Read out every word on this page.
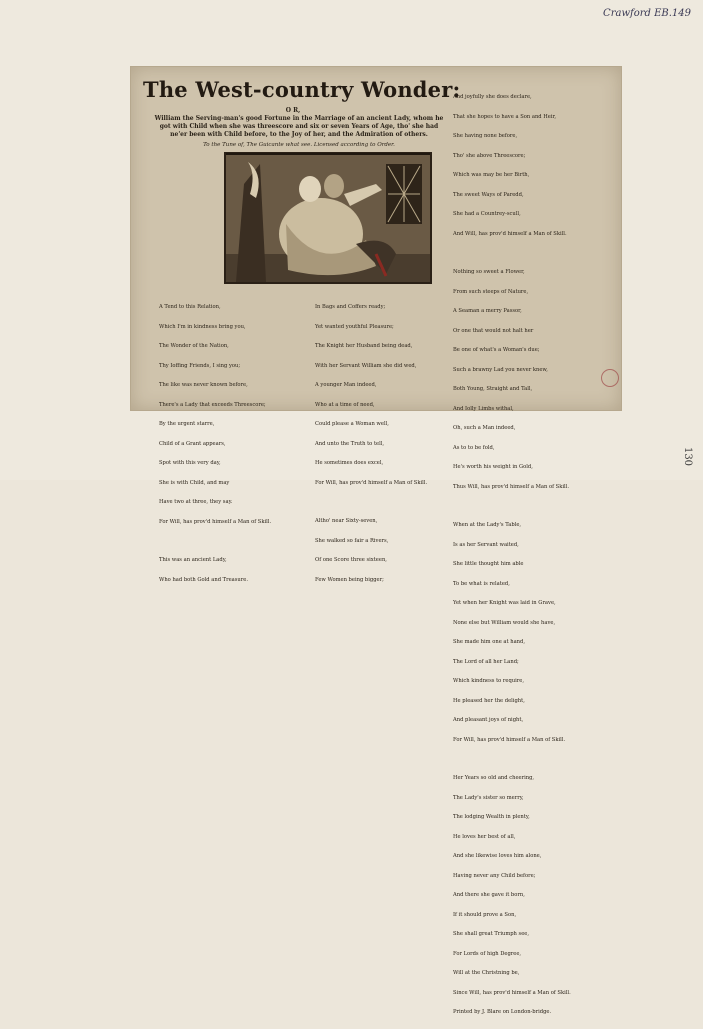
Crawford EB.149
130
The West-country Wonder:
O R,
William the Serving-man's good Fortune in the Marriage of an ancient Lady, whom he got with Child when she was threescore and six or seven Years of Age, tho' she had ne'er been with Child before, to the Joy of her, and the Admiration of others.
To the Tune of, The Guicante what see. Licensed according to Order.

A Tend to this Relation,

Which I'm in kindness bring you,

The Wonder of the Nation,

Thy Ioffing Friends, I sing you;

The like was never known before,

There's a Lady that exceeds Threescore;

By the urgent starre,

Child of a Grant appears,

Spot with this very day,

She is with Child, and may

Have two at three, they say.

For Will, has prov'd himself a Man of Skill.

This was an ancient Lady,

Who had both Gold and Treasure.

In Bags and Coffers ready;

Yet wanted youthful Pleasure;

The Knight her Husband being dead,

With her Servant William she did wed,

A younger Man indeed,

Who at a time of need,

Could please a Woman well,

And unto the Truth to tell,

He sometimes does excel,

For Will, has prov'd himself a Man of Skill.

Altho' near Sixty-seven,

She walked so fair a Rivers,

Of one Score three sixteen,

Few Women being bigger;

And joyfully she does declare,

That she hopes to have a Son and Heir,

She having none before,

Tho' she above Threescore;

Which was may be her Birth,

The sweet Ways of Paredd,

She had a Countrey-scull,

And Will, has prov'd himself a Man of Skill.

Nothing so sweet a Flower,

From such steeps of Nature,

A Seaman a merry Passor,

Or one that would not halt her

Be one of what's a Woman's due;

Such a brawny Lad you never knew,

Both Young, Straight and Tall,

And Iolly Limbs withal,

Oh, such a Man indeed,

As to to be fold,

He's worth his weight in Gold,

Thus Will, has prov'd himself a Man of Skill.

When at the Lady's Table,

Is as her Servant waited,

She little thought him able

To be what is related,

Yet when her Knight was laid in Grave,

None else but William would she have,

She made him one at hand,

The Lord of all her Land;

Which kindness to require,

He pleased her the delight,

And pleasant joys of night,

For Will, has prov'd himself a Man of Skill.

Her Years so old and cheering,

The Lady's sister so merry,

The lodging Wealth in plenty,

He loves her best of all,

And she likewise loves him alone,

Having never any Child before;

And there she gave it born,

If it should prove a Son,

She shall great Triumph see,

For Lords of high Degree,

Will at the Christning be,

Since Will, has prov'd himself a Man of Skill.

Printed by J. Blare on London-bridge.
